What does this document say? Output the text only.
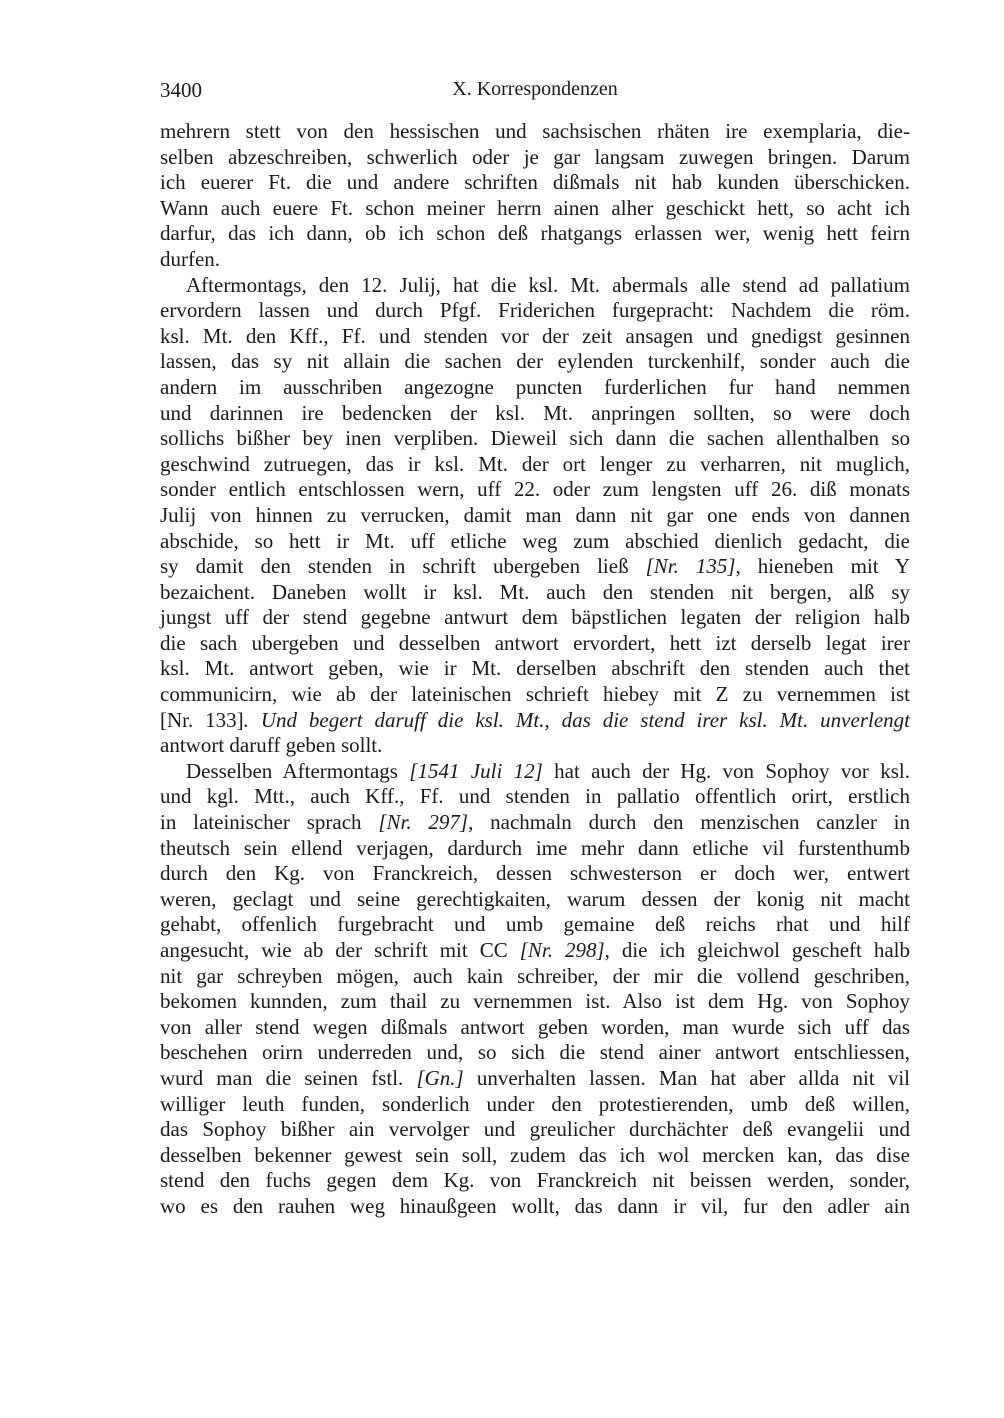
3400	X. Korrespondenzen
mehrern stett von den hessischen und sachsischen rhäten ire exemplaria, die-
selben abzeschreiben, schwerlich oder je gar langsam zuwegen bringen. Darum
ich euerer Ft. die und andere schriften dißmals nit hab kunden überschicken.
Wann auch euere Ft. schon meiner herrn ainen alher geschickt hett, so acht ich
darfur, das ich dann, ob ich schon deß rhatgangs erlassen wer, wenig hett feirn
durfen.
Aftermontags, den 12. Julij, hat die ksl. Mt. abermals alle stend ad pallatium
ervordern lassen und durch Pfgf. Friderichen furgepracht: Nachdem die röm.
ksl. Mt. den Kff., Ff. und stenden vor der zeit ansagen und gnedigst gesinnen
lassen, das sy nit allain die sachen der eylenden turckenhilf, sonder auch die
andern im ausschriben angezogne puncten furderlichen fur hand nemmen
und darinnen ire bedencken der ksl. Mt. anpringen sollten, so were doch
sollichs bißher bey inen verpliben. Dieweil sich dann die sachen allenthalben so
geschwind zutruegen, das ir ksl. Mt. der ort lenger zu verharren, nit muglich,
sonder entlich entschlossen wern, uff 22. oder zum lengsten uff 26. diß monats
Julij von hinnen zu verrucken, damit man dann nit gar one ends von dannen
abschide, so hett ir Mt. uff etliche weg zum abschied dienlich gedacht, die
sy damit den stenden in schrift ubergeben ließ [Nr. 135], hieneben mit Y
bezaichent. Daneben wollt ir ksl. Mt. auch den stenden nit bergen, alß sy
jungst uff der stend gegebne antwurt dem bäpstlichen legaten der religion halb
die sach ubergeben und desselben antwort ervordert, hett izt derselb legat irer
ksl. Mt. antwort geben, wie ir Mt. derselben abschrift den stenden auch thet
communicirn, wie ab der lateinischen schrieft hiebey mit Z zu vernemmen ist
[Nr. 133]. Und begert daruff die ksl. Mt., das die stend irer ksl. Mt. unverlengt
antwort daruff geben sollt.
Desselben Aftermontags [1541 Juli 12] hat auch der Hg. von Sophoy vor ksl.
und kgl. Mtt., auch Kff., Ff. und stenden in pallatio offentlich orirt, erstlich
in lateinischer sprach [Nr. 297], nachmaln durch den menzischen canzler in
theutsch sein ellend verjagen, dardurch ime mehr dann etliche vil furstenthumb
durch den Kg. von Franckreich, dessen schwesterson er doch wer, entwert
weren, geclagt und seine gerechtigkaiten, warum dessen der konig nit macht
gehabt, offenlich furgebracht und umb gemaine deß reichs rhat und hilf
angesucht, wie ab der schrift mit CC [Nr. 298], die ich gleichwol gescheft halb
nit gar schreyben mögen, auch kain schreiber, der mir die vollend geschriben,
bekomen kunnden, zum thail zu vernemmen ist. Also ist dem Hg. von Sophoy
von aller stend wegen dißmals antwort geben worden, man wurde sich uff das
beschehen orirn underreden und, so sich die stend ainer antwort entschliessen,
wurd man die seinen fstl. [Gn.] unverhalten lassen. Man hat aber allda nit vil
williger leuth funden, sonderlich under den protestierenden, umb deß willen,
das Sophoy bißher ain vervolger und greulicher durchächter deß evangelii und
desselben bekenner gewest sein soll, zudem das ich wol mercken kan, das dise
stend den fuchs gegen dem Kg. von Franckreich nit beissen werden, sonder,
wo es den rauhen weg hinaußgeen wollt, das dann ir vil, fur den adler ain
